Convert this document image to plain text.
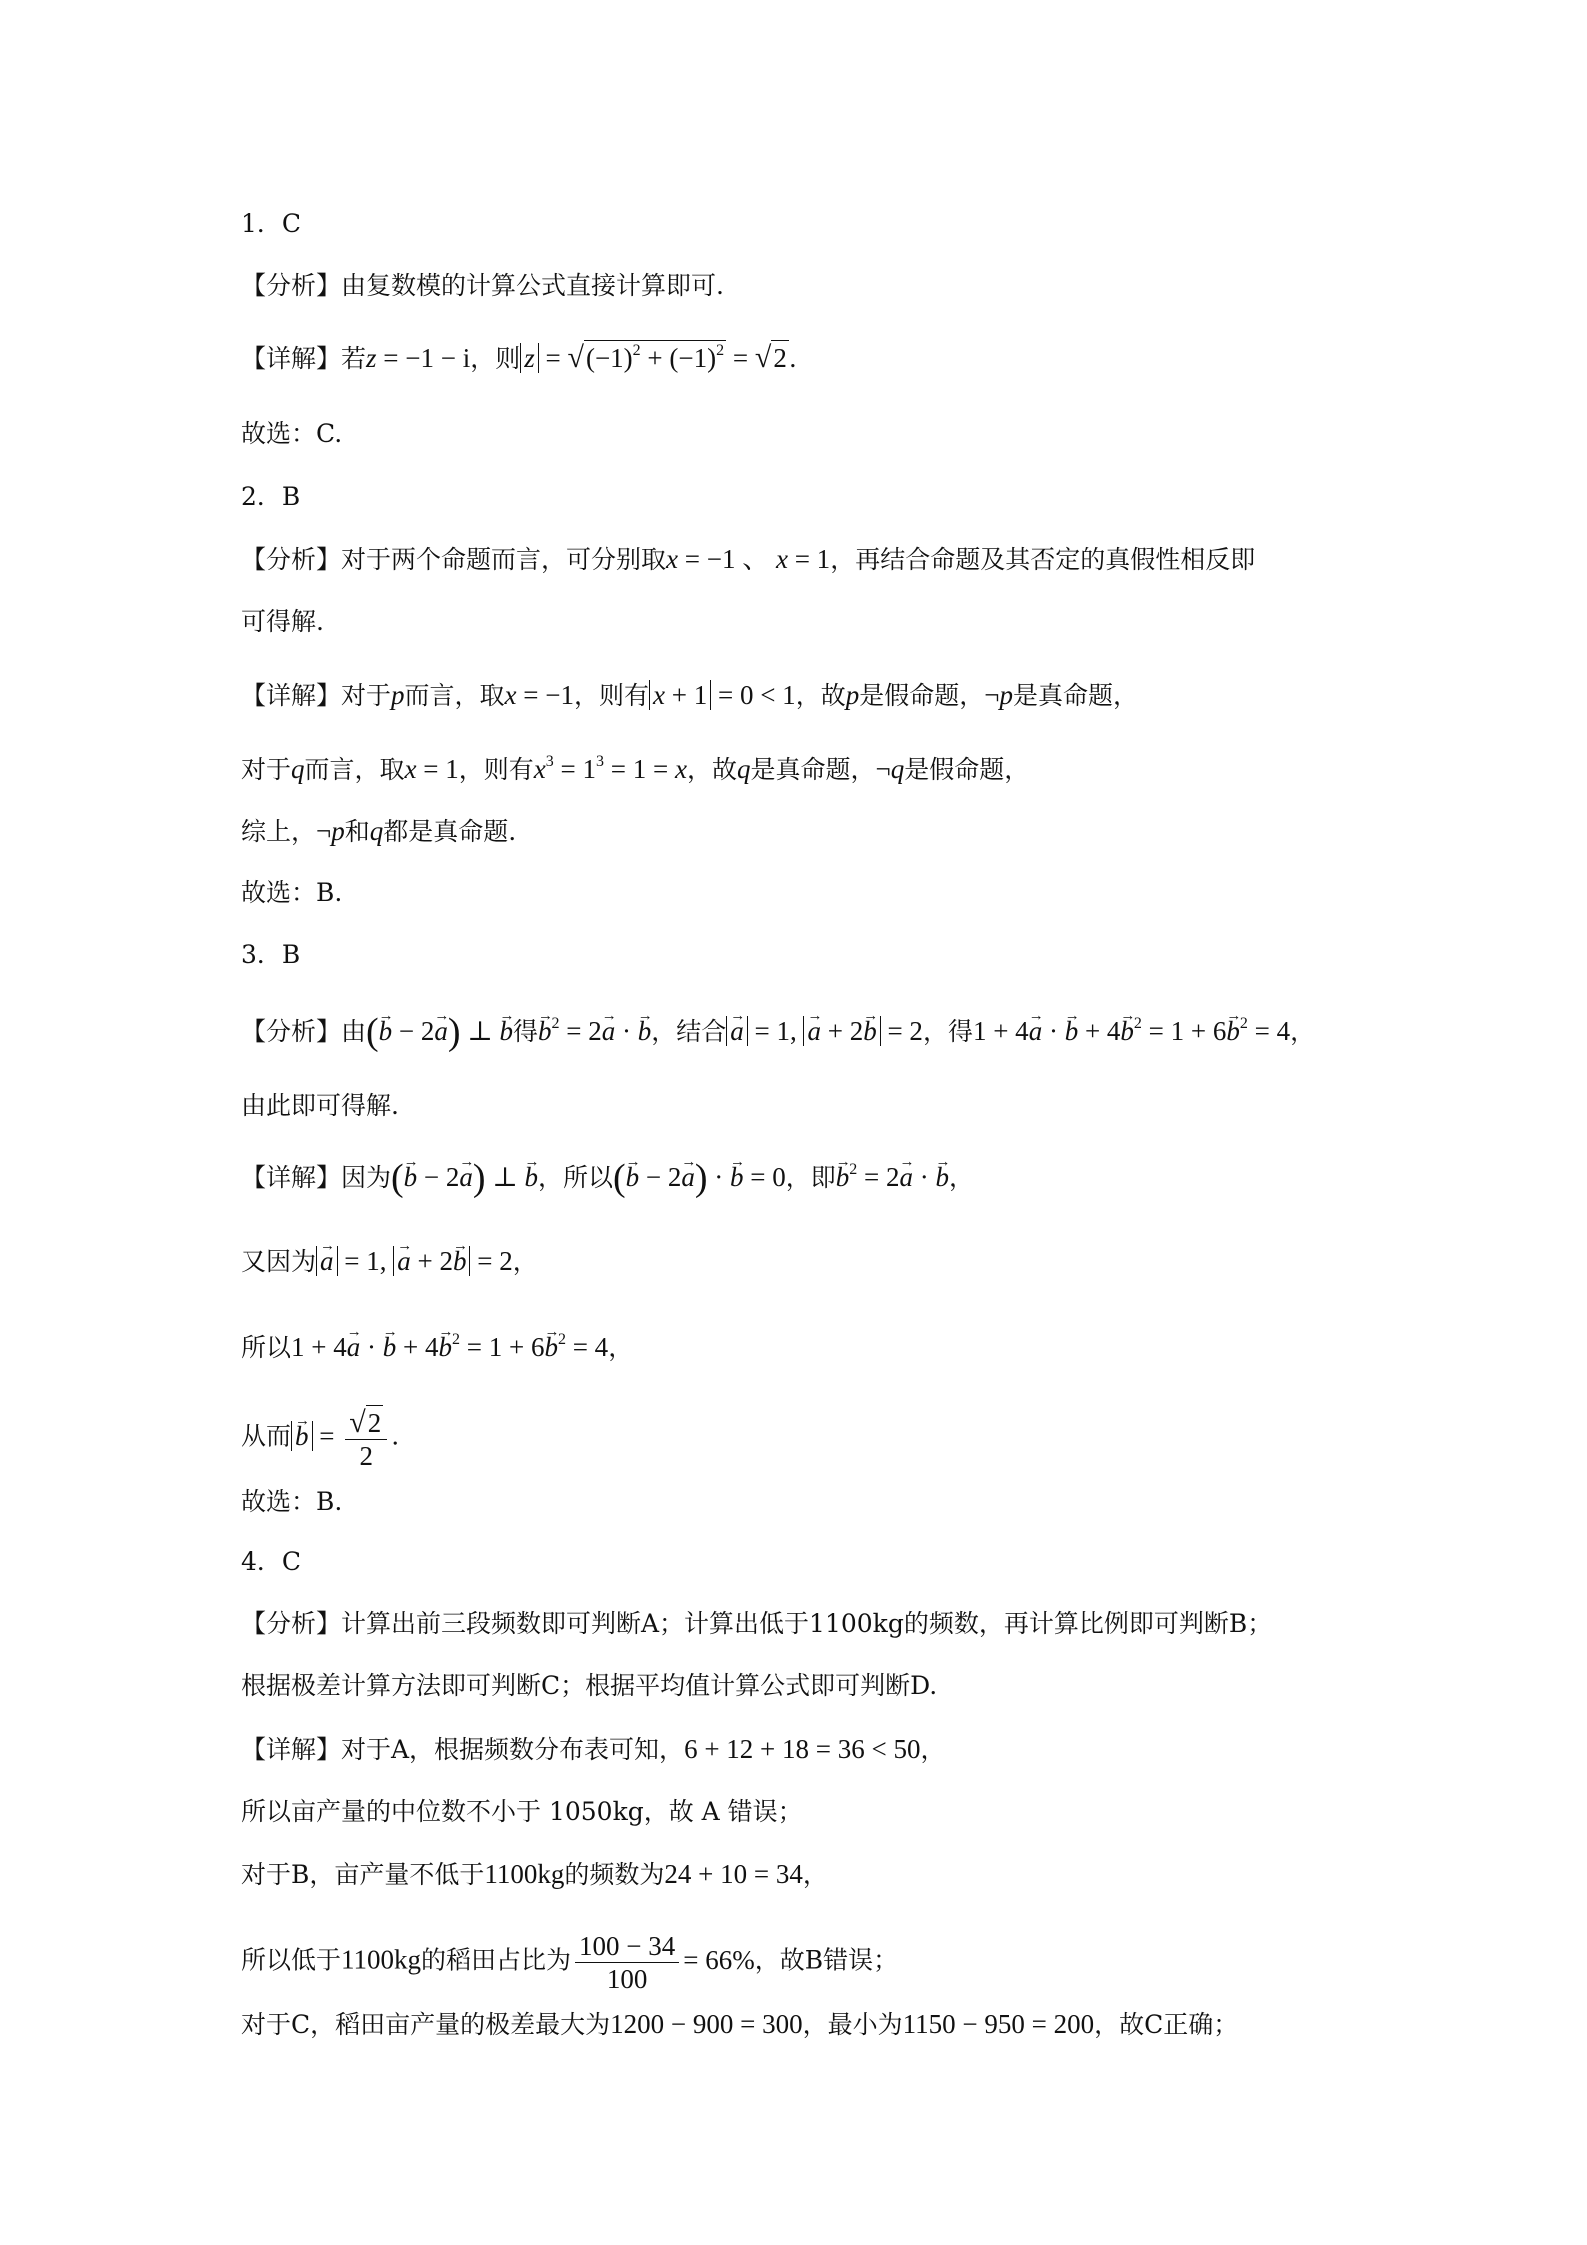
1．C
【分析】由复数模的计算公式直接计算即可.
【详解】若z = −1 − i，则 $z = √(-1)^2 + (-1)^2 = √2$.
故选：C.
2．B
【分析】对于两个命题而言，可分别取x = −1 、 x = 1，再结合命题及其否定的真假性相反即
可得解.
【详解】对于p而言，取x = −1，则有 x + 1 = 0 < 1，故p是假命题，¬p是真命题，
对于q而言，取x = 1，则有$x^3 = 1^3 = 1 = x$，故q是真命题，¬q是假命题，
综上，¬p和q都是真命题.
故选：B.
3．B
【分析】由(b → − 2a →) ⊥ b →得b →$^2$ = 2a → · b →，结合 a → = 1, a → + 2b → = 2，得1 + 4a → · b → + 4b →$^2$ = 1 + 6b →$^2$ = 4，
由此即可得解.
【详解】因为(b → − 2a →) ⊥ b →，所以(b → − 2a →) · b → = 0，即b →$^2$ = 2a → · b →，
又因为 a → = 1, a → + 2b → = 2，
所以1 + 4a → · b → + 4b →$^2$ = 1 + 6b →$^2$ = 4，
从而 b → = $\frac{√2}{2}$ .
故选：B.
4．C
【分析】计算出前三段频数即可判断A；计算出低于1100kg的频数，再计算比例即可判断B；
根据极差计算方法即可判断C；根据平均值计算公式即可判断D.
【详解】对于A，根据频数分布表可知，6 + 12 + 18 = 36 < 50，
所以亩产量的中位数不小于 1050kg，故 A 错误；
对于B，亩产量不低于1100kg的频数为24 + 10 = 34，
所以低于1100kg的稻田占比为 $\frac{100 - 34}{100} = 66\%$，故B错误；
对于C，稻田亩产量的极差最大为1200 − 900 = 300，最小为1150 − 950 = 200，故C正确；
